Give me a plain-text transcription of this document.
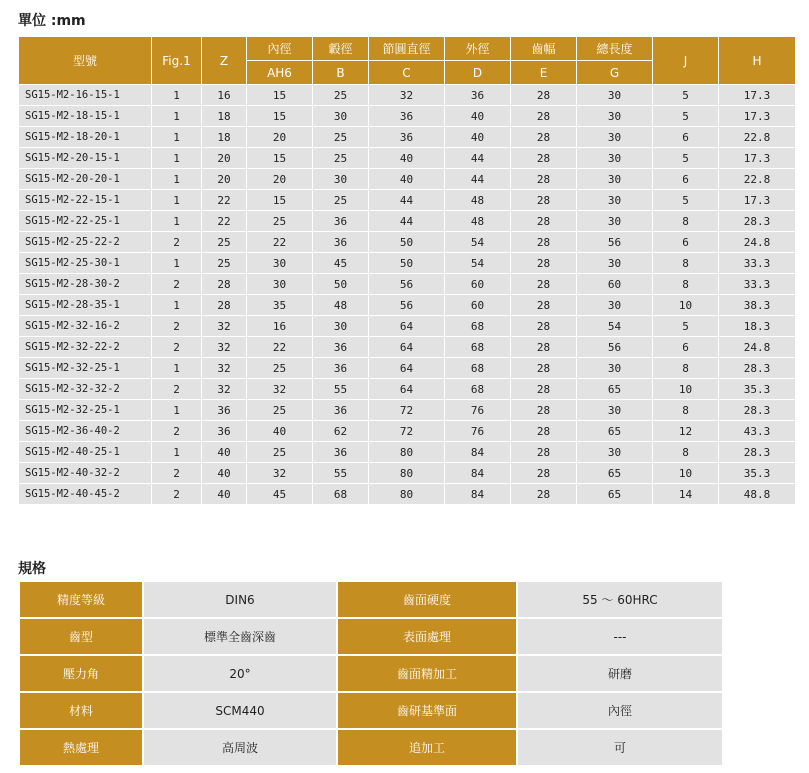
單位 :mm
型號	Fig.1	Z	內徑	轂徑	節圓直徑	外徑	齒幅	總長度	J	H
			AH6	B	C	D	E	G		
SG15-M2-16-15-1	1	16	15	25	32	36	28	30	5	17.3
SG15-M2-18-15-1	1	18	15	30	36	40	28	30	5	17.3
SG15-M2-18-20-1	1	18	20	25	36	40	28	30	6	22.8
SG15-M2-20-15-1	1	20	15	25	40	44	28	30	5	17.3
SG15-M2-20-20-1	1	20	20	30	40	44	28	30	6	22.8
SG15-M2-22-15-1	1	22	15	25	44	48	28	30	5	17.3
SG15-M2-22-25-1	1	22	25	36	44	48	28	30	8	28.3
SG15-M2-25-22-2	2	25	22	36	50	54	28	56	6	24.8
SG15-M2-25-30-1	1	25	30	45	50	54	28	30	8	33.3
SG15-M2-28-30-2	2	28	30	50	56	60	28	60	8	33.3
SG15-M2-28-35-1	1	28	35	48	56	60	28	30	10	38.3
SG15-M2-32-16-2	2	32	16	30	64	68	28	54	5	18.3
SG15-M2-32-22-2	2	32	22	36	64	68	28	56	6	24.8
SG15-M2-32-25-1	1	32	25	36	64	68	28	30	8	28.3
SG15-M2-32-32-2	2	32	32	55	64	68	28	65	10	35.3
SG15-M2-32-25-1	1	36	25	36	72	76	28	30	8	28.3
SG15-M2-36-40-2	2	36	40	62	72	76	28	65	12	43.3
SG15-M2-40-25-1	1	40	25	36	80	84	28	30	8	28.3
SG15-M2-40-32-2	2	40	32	55	80	84	28	65	10	35.3
SG15-M2-40-45-2	2	40	45	68	80	84	28	65	14	48.8
規格
精度等級	DIN6	齒面硬度	55 ～ 60HRC
齒型	標準全齒深齒	表面處理	---
壓力角	20°	齒面精加工	研磨
材料	SCM440	齒研基準面	內徑
熱處理	高周波	追加工	可
